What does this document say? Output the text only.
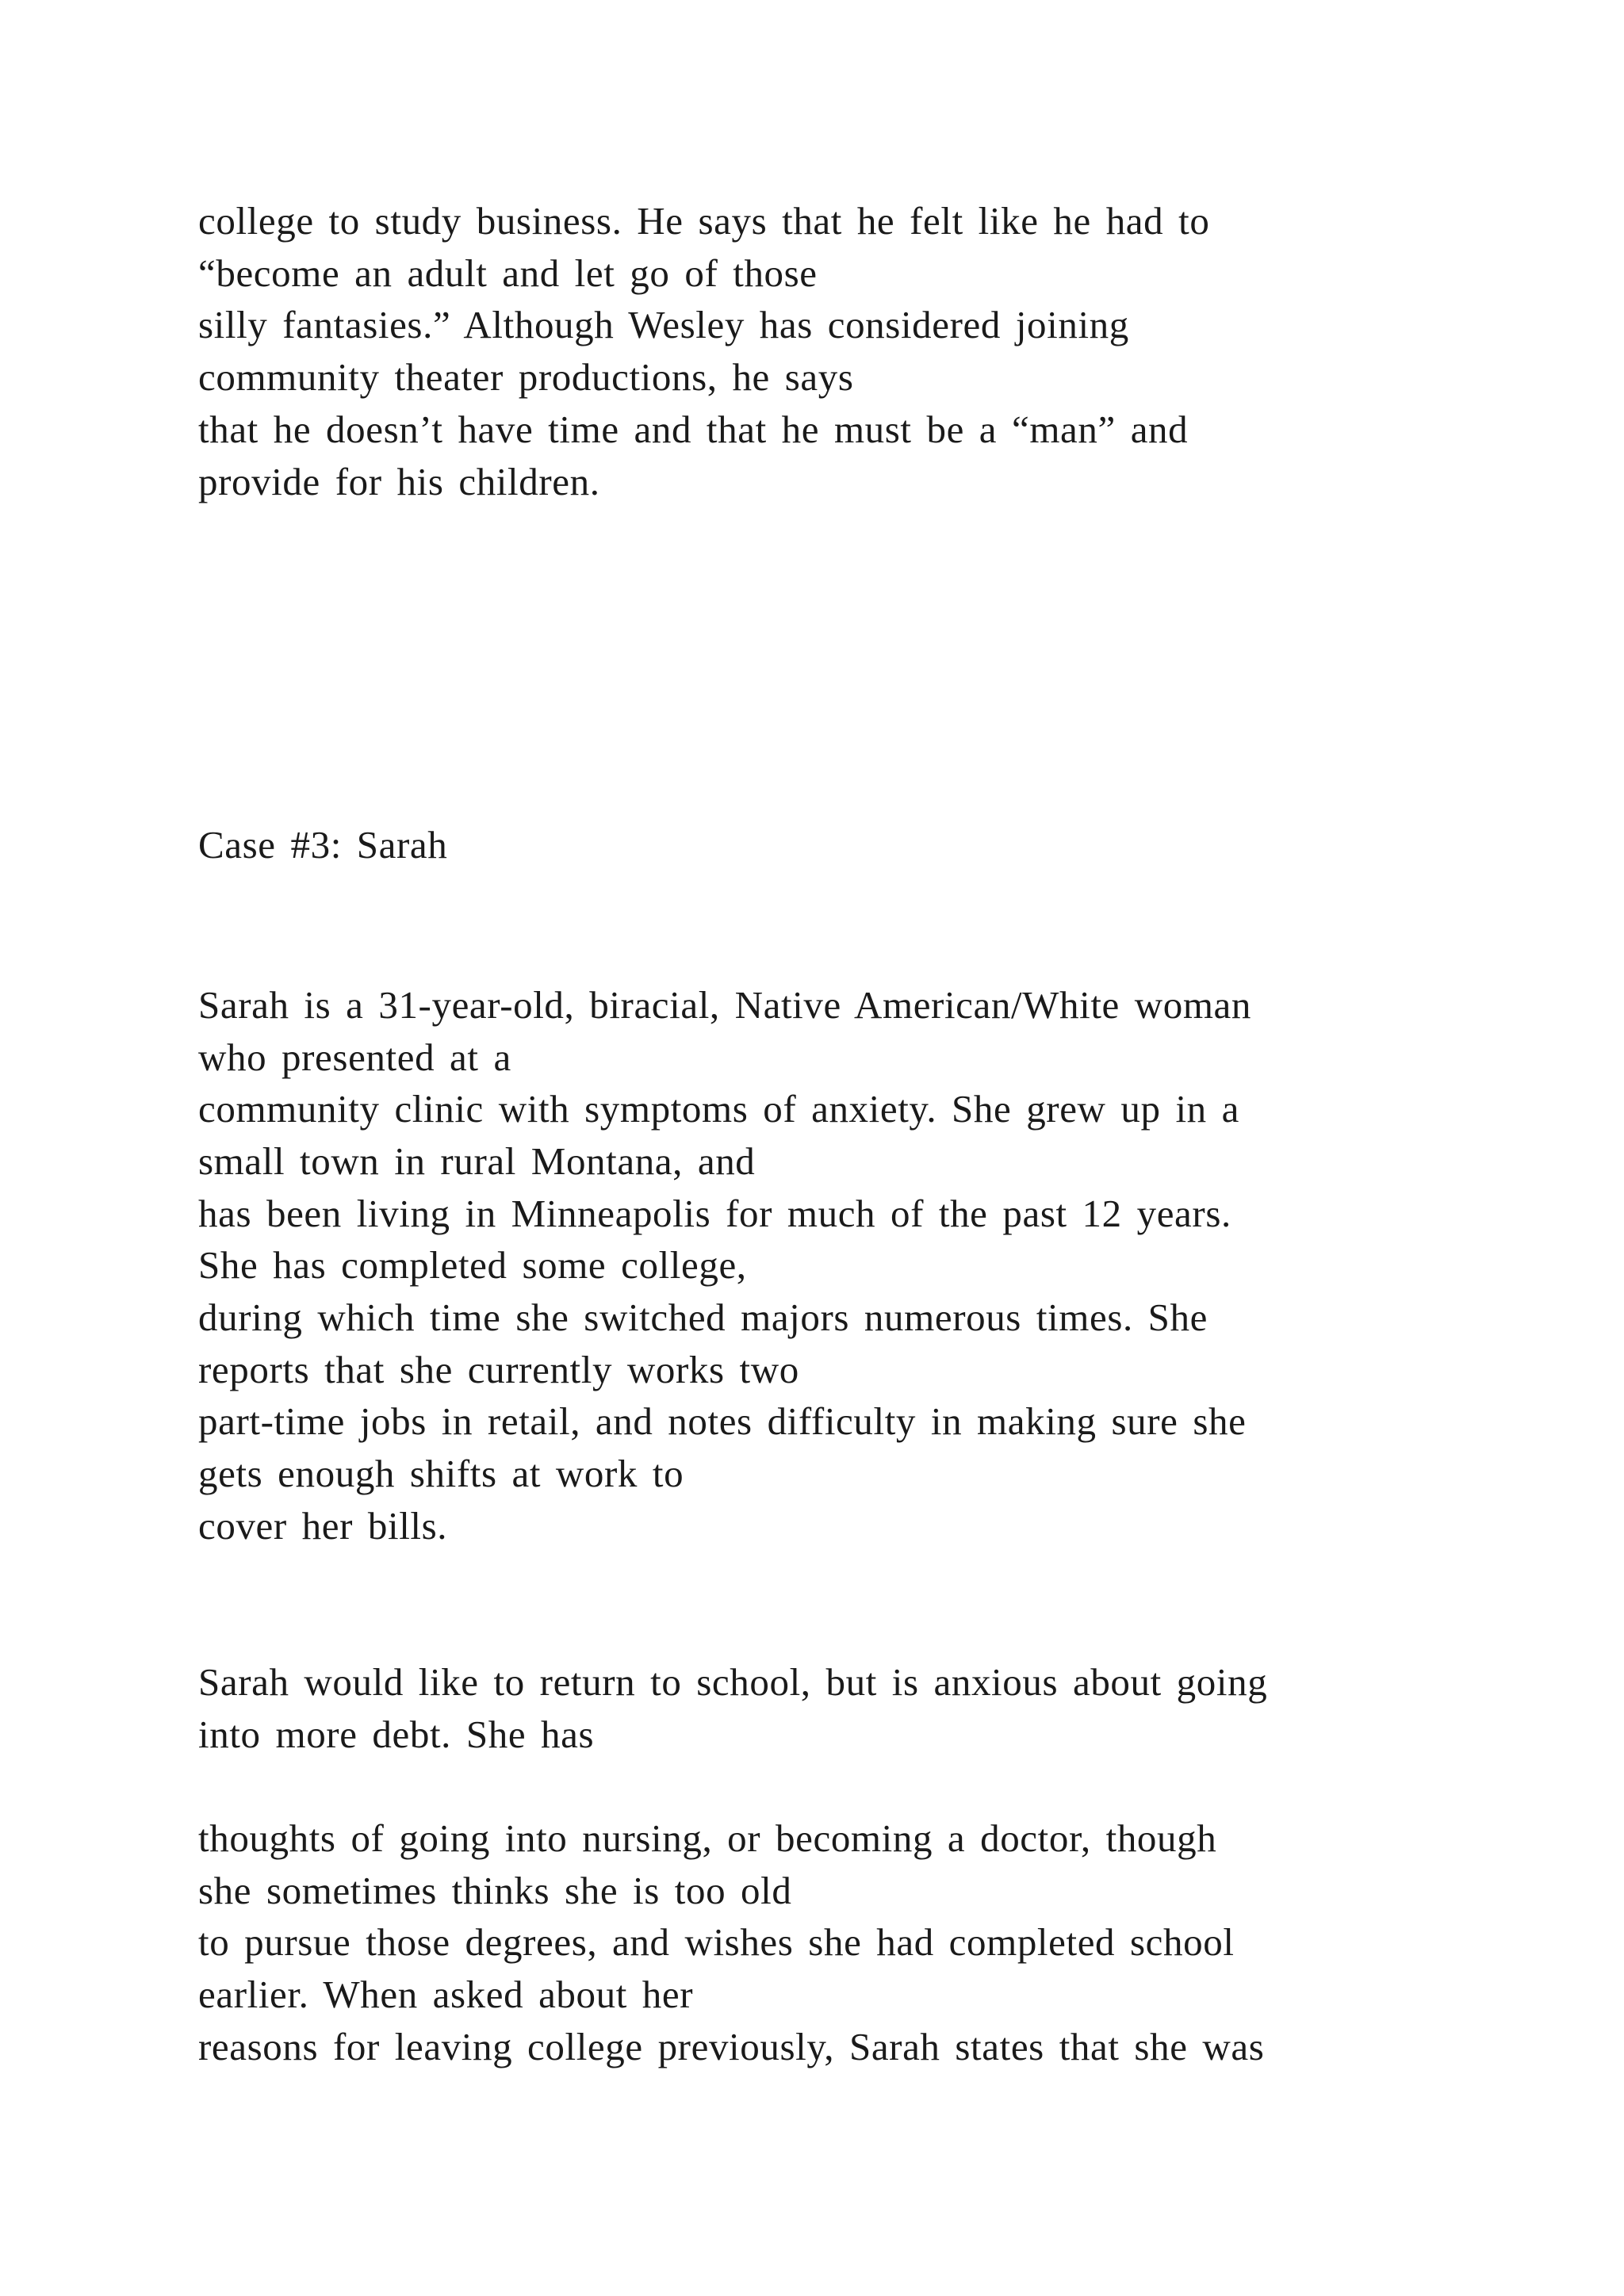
college to study business. He says that he felt like he had to
“become an adult and let go of those
silly fantasies.” Although Wesley has considered joining
community theater productions, he says
that he doesn’t have time and that he must be a “man” and
provide for his children.
Case #3: Sarah
Sarah is a 31-year-old, biracial, Native American/White woman
who presented at a
community clinic with symptoms of anxiety. She grew up in a
small town in rural Montana, and
has been living in Minneapolis for much of the past 12 years.
She has completed some college,
during which time she switched majors numerous times. She
reports that she currently works two
part-time jobs in retail, and notes difficulty in making sure she
gets enough shifts at work to
cover her bills.
Sarah would like to return to school, but is anxious about going
into more debt. She has
thoughts of going into nursing, or becoming a doctor, though
she sometimes thinks she is too old
to pursue those degrees, and wishes she had completed school
earlier. When asked about her
reasons for leaving college previously, Sarah states that she was
